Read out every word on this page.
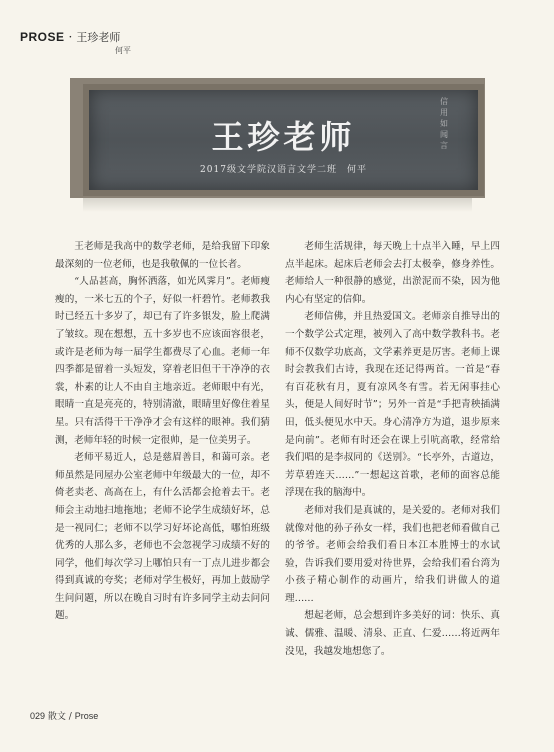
PROSE · 王珍老师
何平
王珍老师
2017级文学院汉语言文学二班　何平
信
用
如
闻
言

王老师是我高中的数学老师，是给我留下印象最深刻的一位老师，也是我敬佩的一位长者。

“人品甚高，胸怀洒落，如光风霁月”。老师瘦瘦的，一米七五的个子，好似一杆碧竹。老师教我时已经五十多岁了，却已有了许多银发，脸上爬满了皱纹。现在想想，五十多岁也不应该面容很老，或许是老师为每一届学生都费尽了心血。老师一年四季都是留着一头短发，穿着老旧但干干净净的衣裳，朴素的让人不由自主地亲近。老师眼中有光，眼睛一直是亮亮的，特别清澈，眼睛里好像住着星星。只有活得干干净净才会有这样的眼神。我们猜测，老师年轻的时候一定很帅，是一位美男子。

老师平易近人，总是慈眉善目，和蔼可亲。老师虽然是同屋办公室老师中年级最大的一位，却不倚老卖老、高高在上，有什么活都会抢着去干。老师会主动地扫地拖地；老师不论学生成绩好坏，总是一视同仁；老师不以学习好坏论高低，哪怕班级优秀的人那么多，老师也不会忽视学习成绩不好的同学，他们每次学习上哪怕只有一丁点儿进步都会得到真诚的夸奖；老师对学生极好，再加上鼓励学生问问题，所以在晚自习时有许多同学主动去问问题。

老师生活规律，每天晚上十点半入睡，早上四点半起床。起床后老师会去打太极拳，修身养性。老师给人一种很静的感觉，出淤泥而不染，因为他内心有坚定的信仰。

老师信佛，并且热爱国文。老师亲自推导出的一个数学公式定理，被列入了高中数学教科书。老师不仅数学功底高，文学素养更是厉害。老师上课时会教我们古诗，我现在还记得两首。一首是“春有百花秋有月，夏有凉风冬有雪。若无闲事挂心头，便是人间好时节”；另外一首是“手把青秧插满田，低头便见水中天。身心清净方为道，退步原来是向前”。老师有时还会在课上引吭高歌，经常给我们唱的是李叔同的《送别》。“长亭外，古道边，芳草碧连天……”一想起这首歌，老师的面容总能浮现在我的脑海中。

老师对我们是真诚的，是关爱的。老师对我们就像对他的孙子孙女一样，我们也把老师看做自己的爷爷。老师会给我们看日本江本胜博士的水试验，告诉我们要用爱对待世界，会给我们看台湾为小孩子精心制作的动画片，给我们讲做人的道理……

想起老师，总会想到许多美好的词：快乐、真诚、儒雅、温暖、清泉、正直、仁爱……将近两年没见，我越发地想您了。

029 散文 / Prose
